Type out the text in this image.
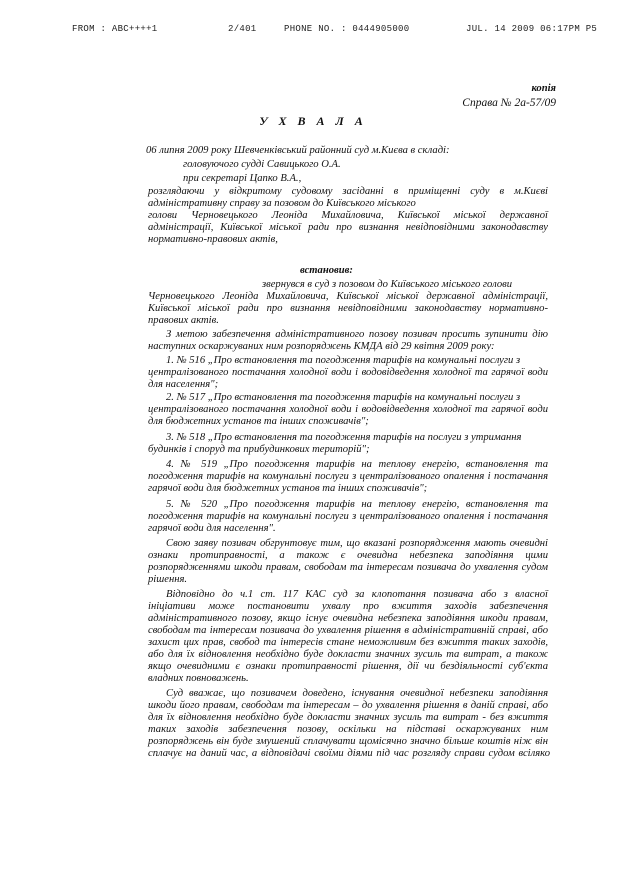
FROM : ABC++++1	2/401	PHONE NO. : 0444905000	JUL. 14 2009 06:17PM P5
копія
Справа № 2а-57/09
У Х В А Л А
06 липня 2009 року Шевченківський районний суд м.Києва в складі:
головуючого судді Савицького О.А.
при секретарі Цапко В.А.,
розглядаючи у відкритому судовому засіданні в приміщенні суду в м.Києві
адміністративну справу за позовом до Київського міського
голови Черновецького Леоніда Михайловича, Київської міської державної
адміністрації, Київської міської ради про визнання невідповідними законодавству
нормативно-правових актів,
встановив:
звернувся в суд з позовом до Київського міського голови
Черновецького Леоніда Михайловича, Київської міської державної адміністрації,
Київської міської ради про визнання невідповідними законодавству нормативно-
правових актів.
З метою забезпечення адміністративного позову позивач просить зупинити дію
наступних оскаржуваних ним розпоряджень КМДА від 29 квітня 2009 року:
1. № 516 „Про встановлення та погодження тарифів на комунальні послуги з
централізованого постачання холодної води і водовідведення холодної та гарячої води
для населення";
2. № 517 „Про встановлення та погодження тарифів на комунальні послуги з
централізованого постачання холодної води і водовідведення холодної та гарячої води
для бюджетних установ та інших споживачів";
3. № 518 „Про встановлення та погодження тарифів на послуги з утримання
будинків і споруд та прибудинкових територій";
4. № 519 „Про погодження тарифів на теплову енергію, встановлення та
погодження тарифів на комунальні послуги з централізованого опалення і постачання
гарячої води для бюджетних установ та інших споживачів";
5. № 520 „Про погодження тарифів на теплову енергію, встановлення та
погодження тарифів на комунальні послуги з централізованого опалення і постачання
гарячої води для населення".
Свою заяву позивач обгрунтовує тим, що вказані розпорядження мають очевидні
ознаки протиправності, а також є очевидна небезпека заподіяння цими
розпорядженнями шкоди правам, свободам та інтересам позивача до ухвалення судом
рішення.
Відповідно до ч.1 ст. 117 КАС суд за клопотання позивача або з власної
ініціативи може постановити ухвалу про вжиття заходів забезпечення
адміністративного позову, якщо існує очевидна небезпека заподіяння шкоди правам,
свободам та інтересам позивача до ухвалення рішення в адміністративній справі, або
захист цих прав, свобод та інтересів стане неможливим без вжиття таких заходів,
або для їх відновлення необхідно буде докласти значних зусиль та витрат, а також
якщо очевидними є ознаки протиправності рішення, дії чи бездіяльності суб'єкта
владних повноважень.
Суд вважає, що позивачем доведено, існування очевидної небезпеки заподіяння
шкоди його правам, свободам та інтересам – до ухвалення рішення в даній справі, або
для їх відновлення необхідно буде докласти значних зусиль та витрат - без вжиття
таких заходів забезпечення позову, оскільки на підставі оскаржуваних ним
розпоряджень він буде змушений сплачувати щомісячно значно більше коштів ніж він
сплачує на даний час, а відповідачі своїми діями під час розгляду справи судом всіляко
